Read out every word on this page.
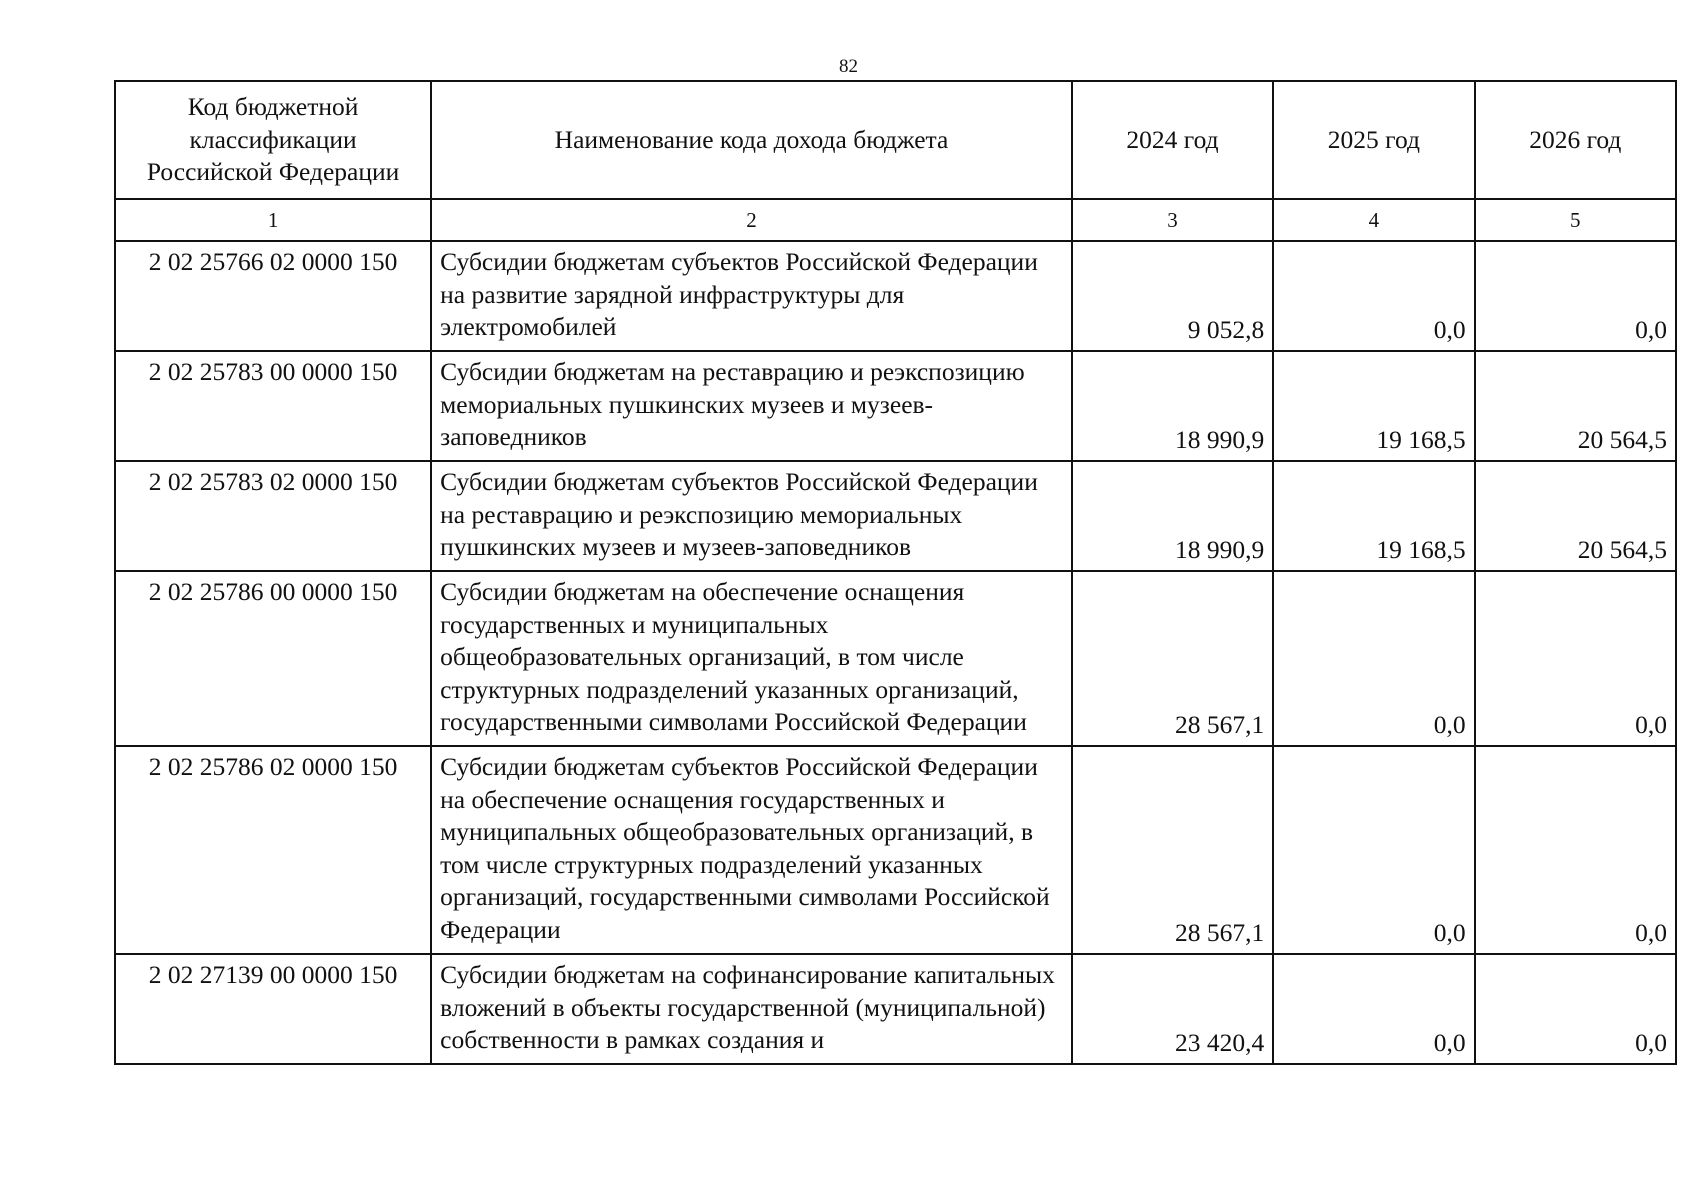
82
Код бюджетной классификации Российской Федерации	Наименование кода дохода бюджета	2024 год	2025 год	2026 год
1	2	3	4	5
2 02 25766 02 0000 150	Субсидии бюджетам субъектов Российской Федерации на развитие зарядной инфраструктуры для электромобилей	9 052,8	0,0	0,0
2 02 25783 00 0000 150	Субсидии бюджетам на реставрацию и реэкспозицию мемориальных пушкинских музеев и музеев-заповедников	18 990,9	19 168,5	20 564,5
2 02 25783 02 0000 150	Субсидии бюджетам субъектов Российской Федерации на реставрацию и реэкспозицию мемориальных пушкинских музеев и музеев-заповедников	18 990,9	19 168,5	20 564,5
2 02 25786 00 0000 150	Субсидии бюджетам на обеспечение оснащения государственных и муниципальных общеобразовательных организаций, в том числе структурных подразделений указанных организаций, государственными символами Российской Федерации	28 567,1	0,0	0,0
2 02 25786 02 0000 150	Субсидии бюджетам субъектов Российской Федерации на обеспечение оснащения государственных и муниципальных общеобразовательных организаций, в том числе структурных подразделений указанных организаций, государственными символами Российской Федерации	28 567,1	0,0	0,0
2 02 27139 00 0000 150	Субсидии бюджетам на софинансирование капитальных вложений в объекты государственной (муниципальной) собственности в рамках создания и	23 420,4	0,0	0,0
